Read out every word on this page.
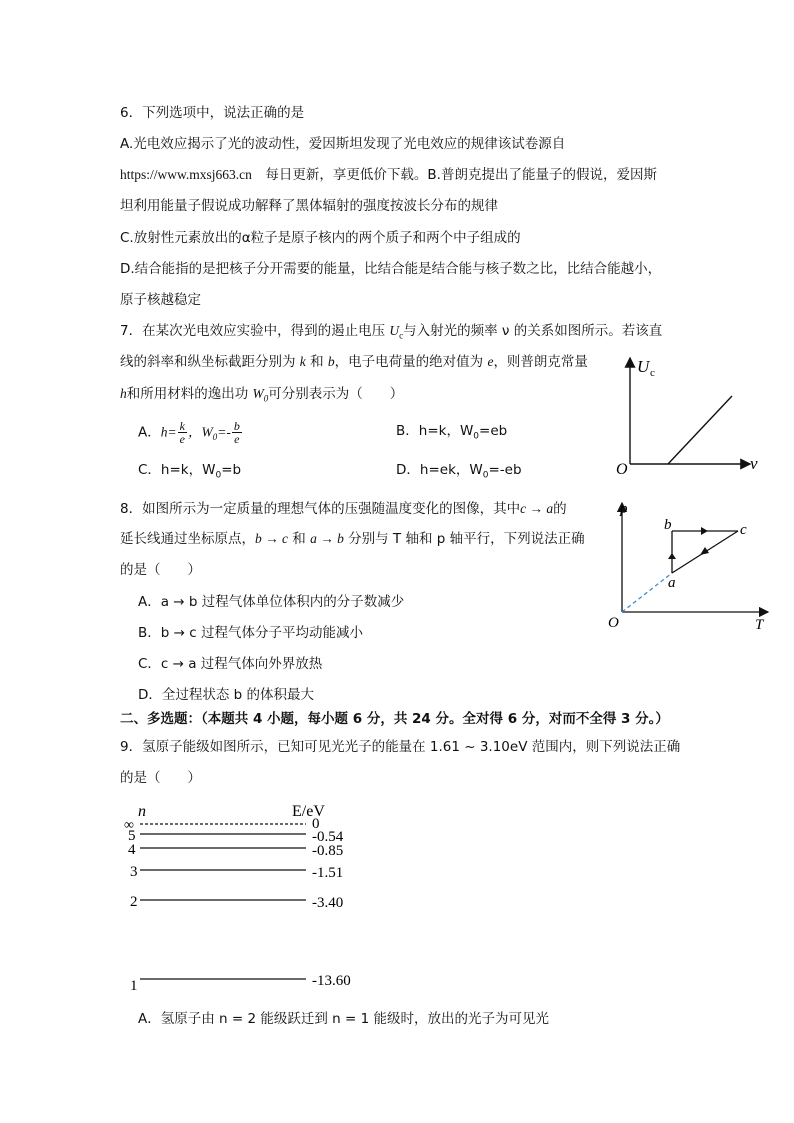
6．下列选项中，说法正确的是
A.光电效应揭示了光的波动性，爱因斯坦发现了光电效应的规律该试卷源自
https://www.mxsj663.cn　每日更新，享更低价下载。B.普朗克提出了能量子的假说，爱因斯
坦利用能量子假说成功解释了黑体辐射的强度按波长分布的规律
C.放射性元素放出的α粒子是原子核内的两个质子和两个中子组成的
D.结合能指的是把核子分开需要的能量，比结合能是结合能与核子数之比，比结合能越小，
原子核越稳定
7．在某次光电效应实验中，得到的遏止电压 $U_c$与入射光的频率 ν 的关系如图所示。若该直
线的斜率和纵坐标截距分别为 k 和 b，电子电荷量的绝对值为 e，则普朗克常量
h和所用材料的逸出功 $W_0$可分别表示为（　　）
A．$h= \frac{k}{e}$ ，$W_0=- \frac{b}{e}$	B．h=k，$W_0=eb$
C．h=k，$W_0=b$	D．h=ek，$W_0=-eb$
U c
ν
O
8．如图所示为一定质量的理想气体的压强随温度变化的图像，其中c → a的
延长线通过坐标原点，b → c 和 a → b 分别与 T 轴和 p 轴平行，下列说法正确
的是（　　）
A．a → b 过程气体单位体积内的分子数减少
B．b → c 过程气体分子平均动能减小
C．c → a 过程气体向外界放热
D．全过程状态 b 的体积最大
p
T
O
a
b	c
二、多选题：（本题共 4 小题，每小题 6 分，共 24 分。全对得 6 分，对而不全得 3 分。）
9．氢原子能级如图所示，已知可见光光子的能量在 1.61 ~ 3.10eV 范围内，则下列说法正确
的是（　　）
n	E/eV
∞	0
5	-0.54
4	-0.85
3	-1.51
2	-3.40
1	-13.60
A．氢原子由 n = 2 能级跃迁到 n = 1 能级时，放出的光子为可见光
